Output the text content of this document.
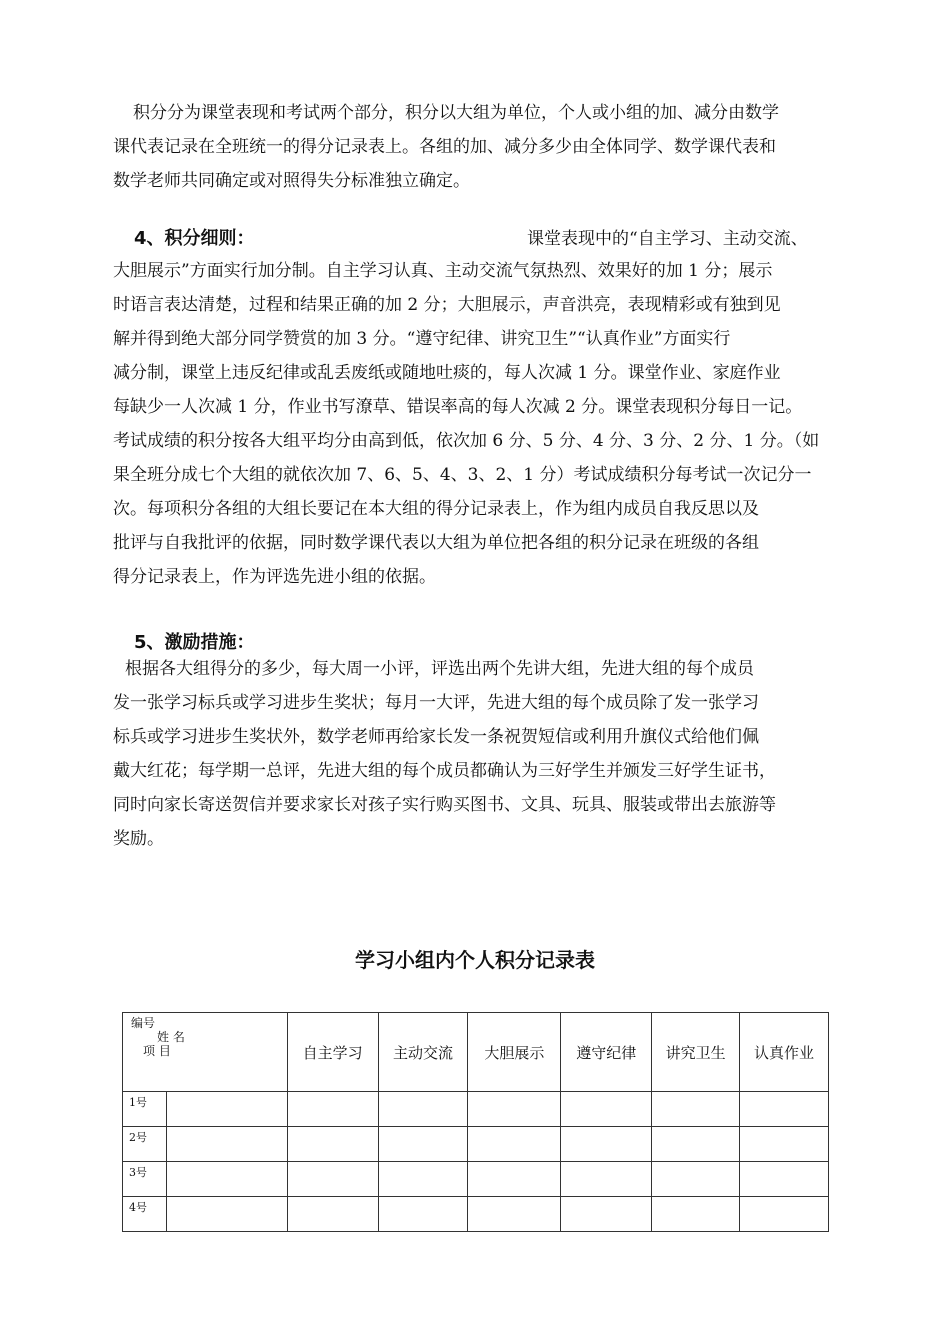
积分分为课堂表现和考试两个部分，积分以大组为单位，个人或小组的加、减分由数学
课代表记录在全班统一的得分记录表上。各组的加、减分多少由全体同学、数学课代表和
数学老师共同确定或对照得失分标准独立确定。
4、积分细则：	课堂表现中的“自主学习、主动交流、
大胆展示”方面实行加分制。自主学习认真、主动交流气氛热烈、效果好的加 1 分；展示
时语言表达清楚，过程和结果正确的加 2 分；大胆展示，声音洪亮，表现精彩或有独到见
解并得到绝大部分同学赞赏的加 3 分。“遵守纪律、讲究卫生”“认真作业”方面实行
减分制，课堂上违反纪律或乱丢废纸或随地吐痰的，每人次减 1 分。课堂作业、家庭作业
每缺少一人次减 1 分，作业书写潦草、错误率高的每人次减 2 分。课堂表现积分每日一记。
考试成绩的积分按各大组平均分由高到低，依次加 6 分、5 分、4 分、3 分、2 分、1 分。（如
果全班分成七个大组的就依次加 7、6、5、4、3、2、1 分）考试成绩积分每考试一次记分一
次。每项积分各组的大组长要记在本大组的得分记录表上，作为组内成员自我反思以及
批评与自我批评的依据，同时数学课代表以大组为单位把各组的积分记录在班级的各组
得分记录表上，作为评选先进小组的依据。
5、激励措施：
根据各大组得分的多少，每大周一小评，评选出两个先讲大组，先进大组的每个成员
发一张学习标兵或学习进步生奖状；每月一大评，先进大组的每个成员除了发一张学习
标兵或学习进步生奖状外，数学老师再给家长发一条祝贺短信或利用升旗仪式给他们佩
戴大红花；每学期一总评，先进大组的每个成员都确认为三好学生并颁发三好学生证书，
同时向家长寄送贺信并要求家长对孩子实行购买图书、文具、玩具、服装或带出去旅游等
奖励。
学习小组内个人积分记录表
编号
姓 名
项 目		自主学习	主动交流	大胆展示	遵守纪律	讲究卫生	认真作业
1号							
2号							
3号							
4号							
